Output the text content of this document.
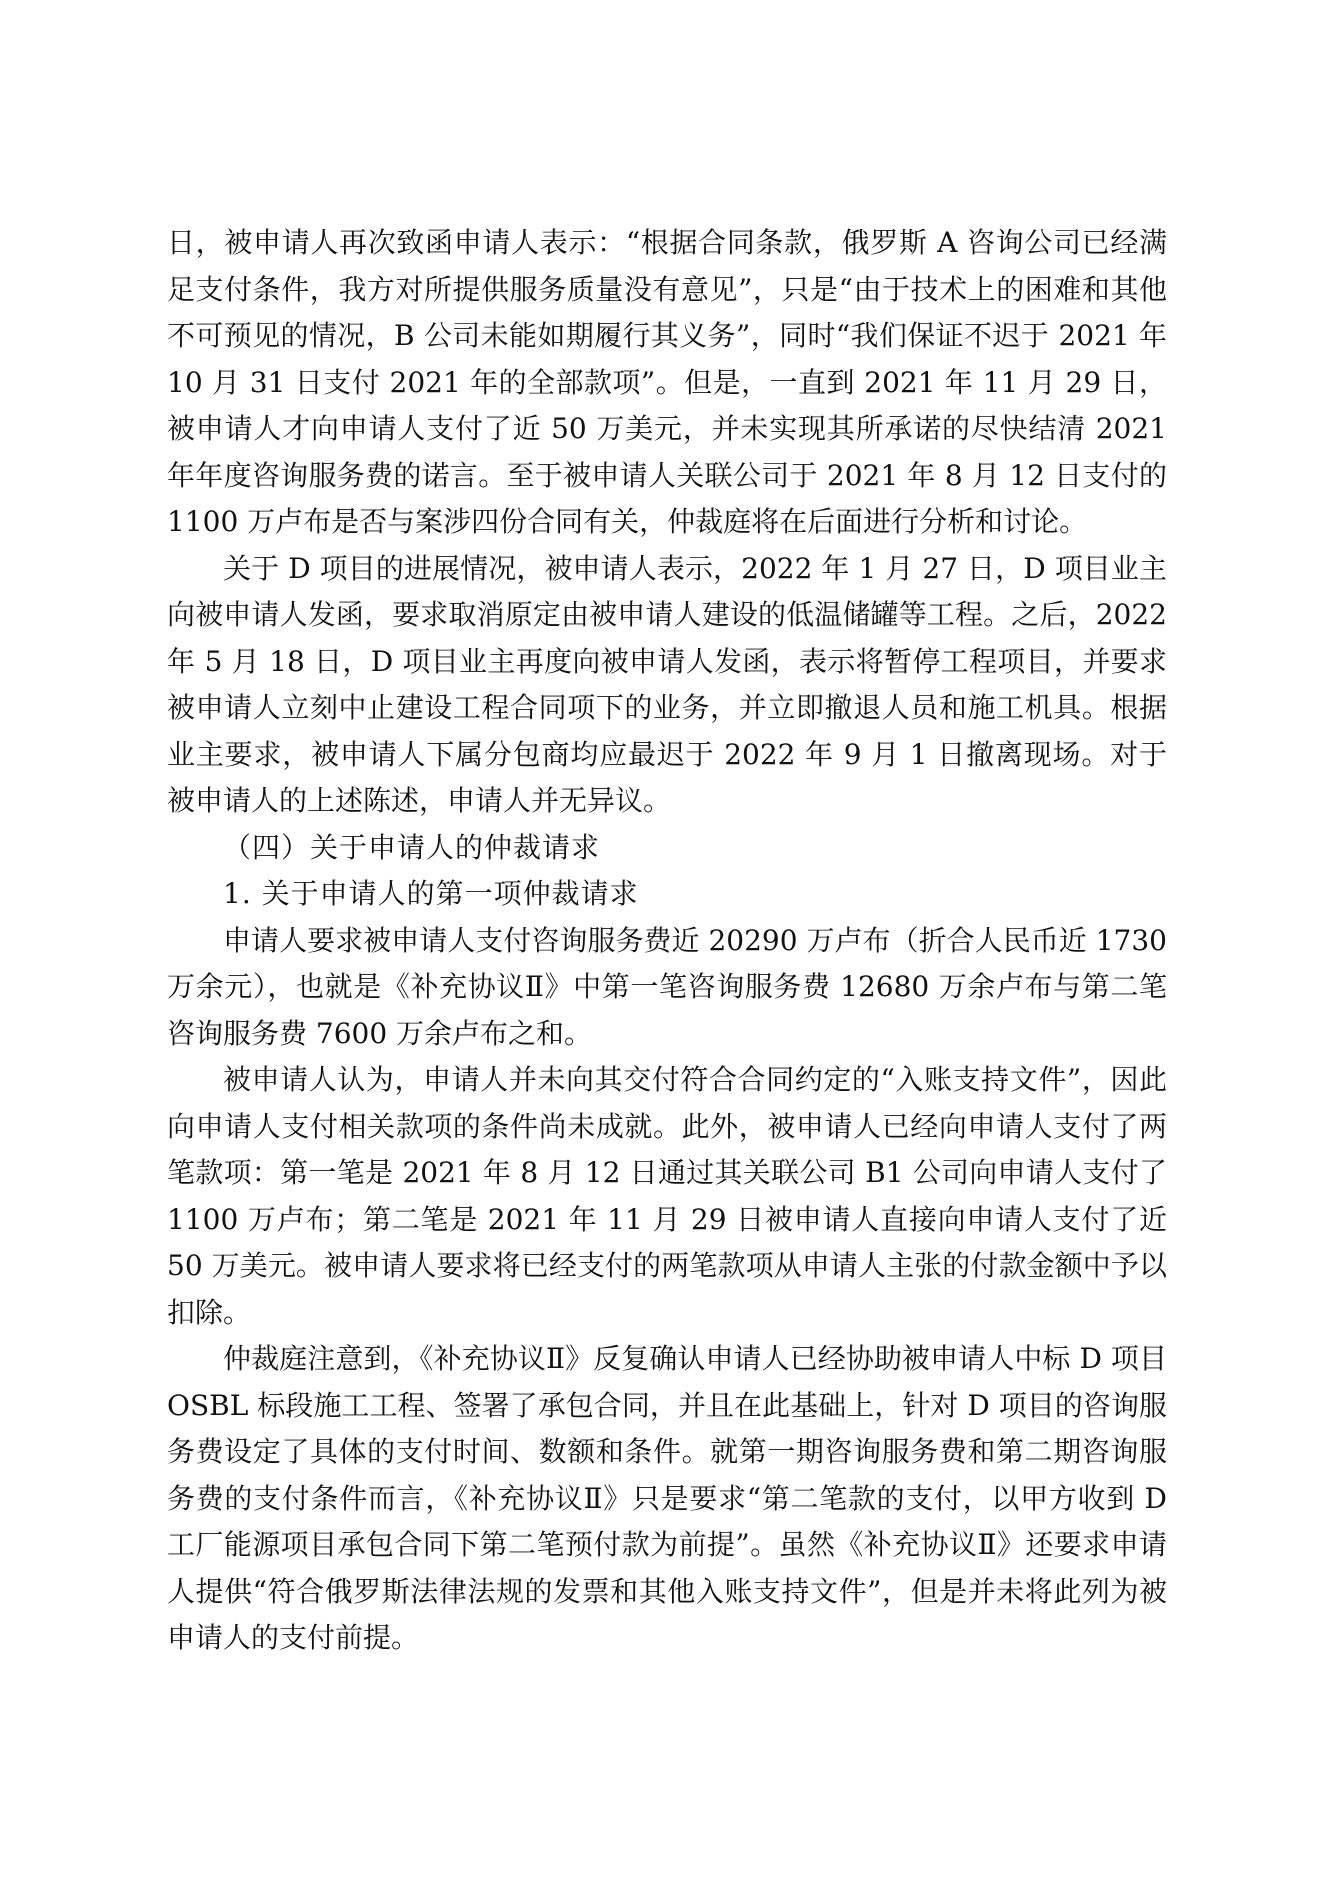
日，被申请人再次致函申请人表示：“根据合同条款，俄罗斯 A 咨询公司已经满足支付条件，我方对所提供服务质量没有意见”，只是“由于技术上的困难和其他不可预见的情况，B 公司未能如期履行其义务”，同时“我们保证不迟于 2021 年 10 月 31 日支付 2021 年的全部款项”。但是，一直到 2021 年 11 月 29 日，被申请人才向申请人支付了近 50 万美元，并未实现其所承诺的尽快结清 2021 年年度咨询服务费的诺言。至于被申请人关联公司于 2021 年 8 月 12 日支付的 1100 万卢布是否与案涉四份合同有关，仲裁庭将在后面进行分析和讨论。

关于 D 项目的进展情况，被申请人表示，2022 年 1 月 27 日，D 项目业主向被申请人发函，要求取消原定由被申请人建设的低温储罐等工程。之后，2022 年 5 月 18 日，D 项目业主再度向被申请人发函，表示将暂停工程项目，并要求被申请人立刻中止建设工程合同项下的业务，并立即撤退人员和施工机具。根据业主要求，被申请人下属分包商均应最迟于 2022 年 9 月 1 日撤离现场。对于被申请人的上述陈述，申请人并无异议。

（四）关于申请人的仲裁请求

1. 关于申请人的第一项仲裁请求

申请人要求被申请人支付咨询服务费近 20290 万卢布（折合人民币近 1730 万余元），也就是《补充协议Ⅱ》中第一笔咨询服务费 12680 万余卢布与第二笔咨询服务费 7600 万余卢布之和。

被申请人认为，申请人并未向其交付符合合同约定的“入账支持文件”，因此向申请人支付相关款项的条件尚未成就。此外，被申请人已经向申请人支付了两笔款项：第一笔是 2021 年 8 月 12 日通过其关联公司 B1 公司向申请人支付了 1100 万卢布；第二笔是 2021 年 11 月 29 日被申请人直接向申请人支付了近 50 万美元。被申请人要求将已经支付的两笔款项从申请人主张的付款金额中予以扣除。

仲裁庭注意到，《补充协议Ⅱ》反复确认申请人已经协助被申请人中标 D 项目 OSBL 标段施工工程、签署了承包合同，并且在此基础上，针对 D 项目的咨询服务费设定了具体的支付时间、数额和条件。就第一期咨询服务费和第二期咨询服务费的支付条件而言，《补充协议Ⅱ》只是要求“第二笔款的支付，以甲方收到 D 工厂能源项目承包合同下第二笔预付款为前提”。虽然《补充协议Ⅱ》还要求申请人提供“符合俄罗斯法律法规的发票和其他入账支持文件”，但是并未将此列为被申请人的支付前提。
